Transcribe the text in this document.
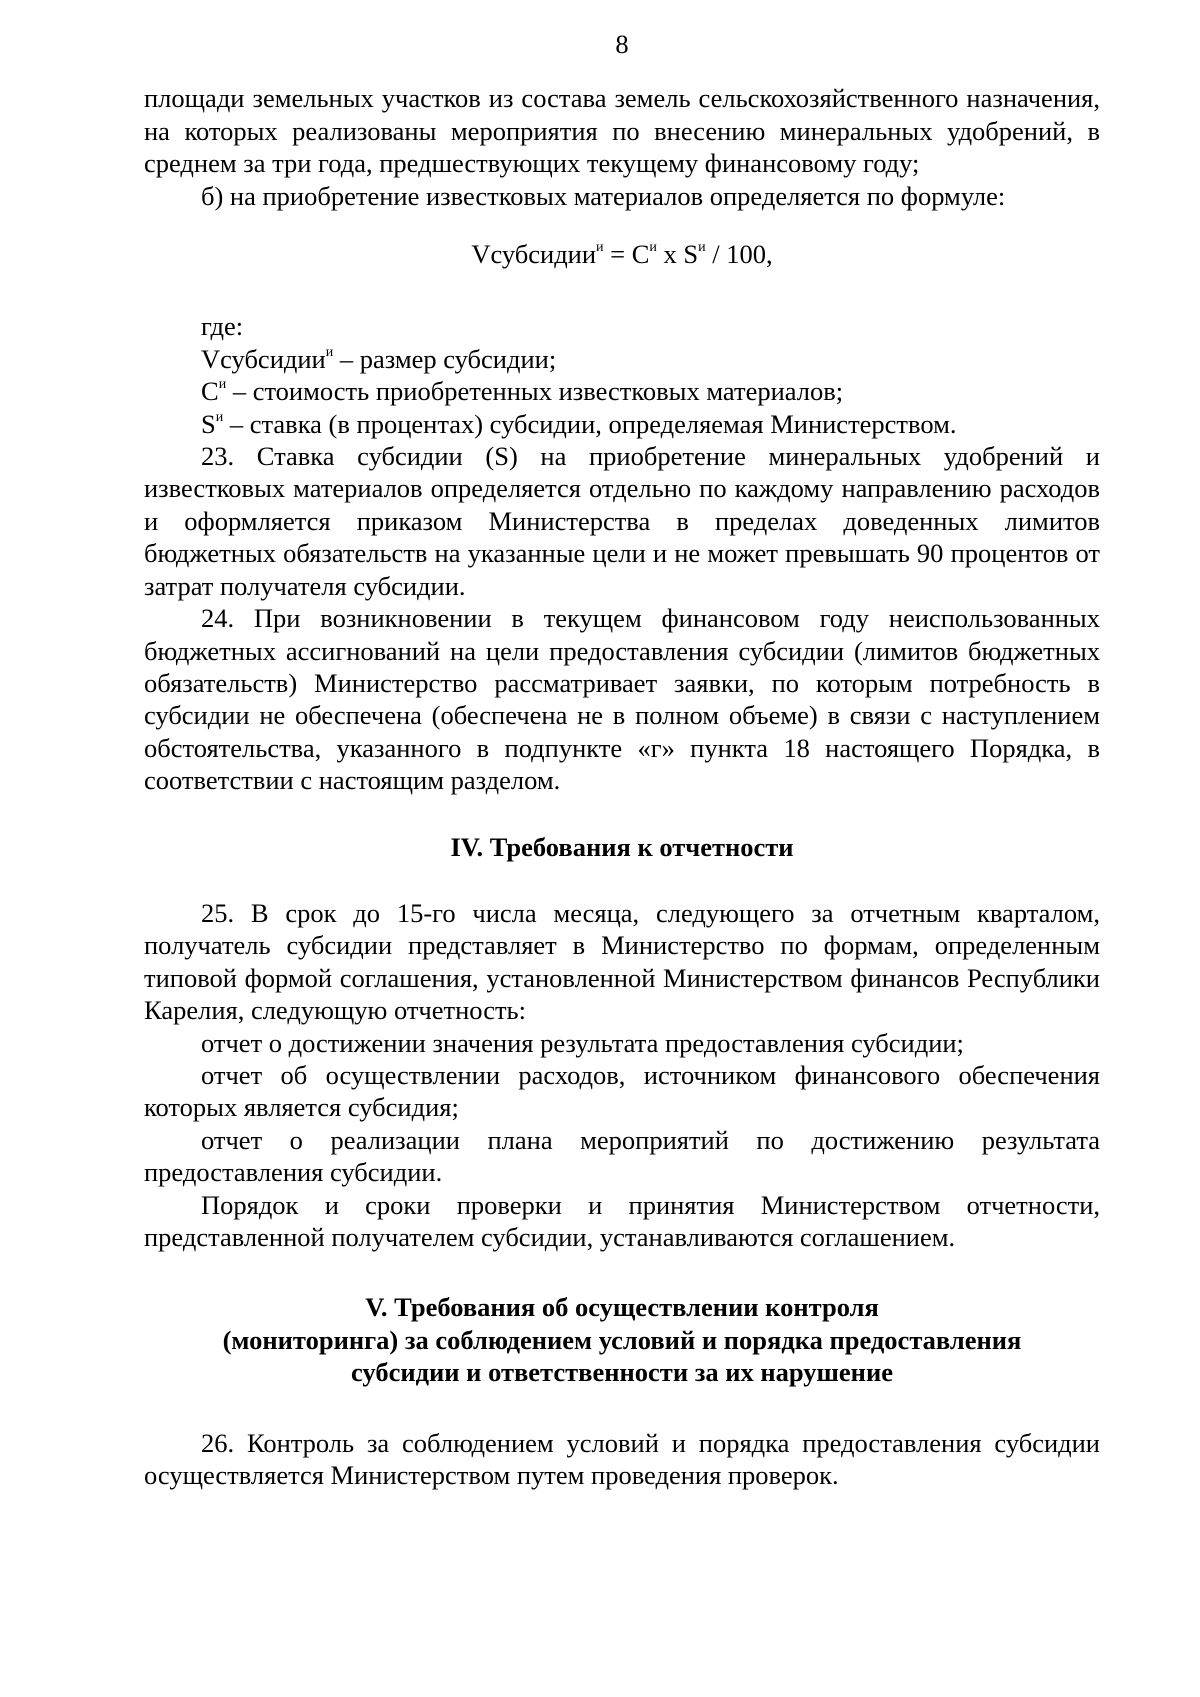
8

площади земельных участков из состава земель сельскохозяйственного назначения, на которых реализованы мероприятия по внесению минеральных удобрений, в среднем за три года, предшествующих текущему финансовому году;

б) на приобретение известковых материалов определяется по формуле:

Vсубсидии$^и$ = $C^и$ x $S^и / 100$,

где:

Vсубсидии$^и$ – размер субсидии;

$C^и$ – стоимость приобретенных известковых материалов;

$S^и$ – ставка (в процентах) субсидии, определяемая Министерством.

23. Ставка субсидии (S) на приобретение минеральных удобрений и известковых материалов определяется отдельно по каждому направлению расходов и оформляется приказом Министерства в пределах доведенных лимитов бюджетных обязательств на указанные цели и не может превышать 90 процентов от затрат получателя субсидии.

24. При возникновении в текущем финансовом году неиспользованных бюджетных ассигнований на цели предоставления субсидии (лимитов бюджетных обязательств) Министерство рассматривает заявки, по которым потребность в субсидии не обеспечена (обеспечена не в полном объеме) в связи с наступлением обстоятельства, указанного в подпункте «г» пункта 18 настоящего Порядка, в соответствии с настоящим разделом.

IV. Требования к отчетности

25. В срок до 15-го числа месяца, следующего за отчетным кварталом, получатель субсидии представляет в Министерство по формам, определенным типовой формой соглашения, установленной Министерством финансов Республики Карелия, следующую отчетность:

отчет о достижении значения результата предоставления субсидии;

отчет об осуществлении расходов, источником финансового обеспечения которых является субсидия;

отчет о реализации плана мероприятий по достижению результата предоставления субсидии.

Порядок и сроки проверки и принятия Министерством отчетности, представленной получателем субсидии, устанавливаются соглашением.

V. Требования об осуществлении контроля
(мониторинга) за соблюдением условий и порядка предоставления
субсидии и ответственности за их нарушение

26. Контроль за соблюдением условий и порядка предоставления субсидии осуществляется Министерством путем проведения проверок.
